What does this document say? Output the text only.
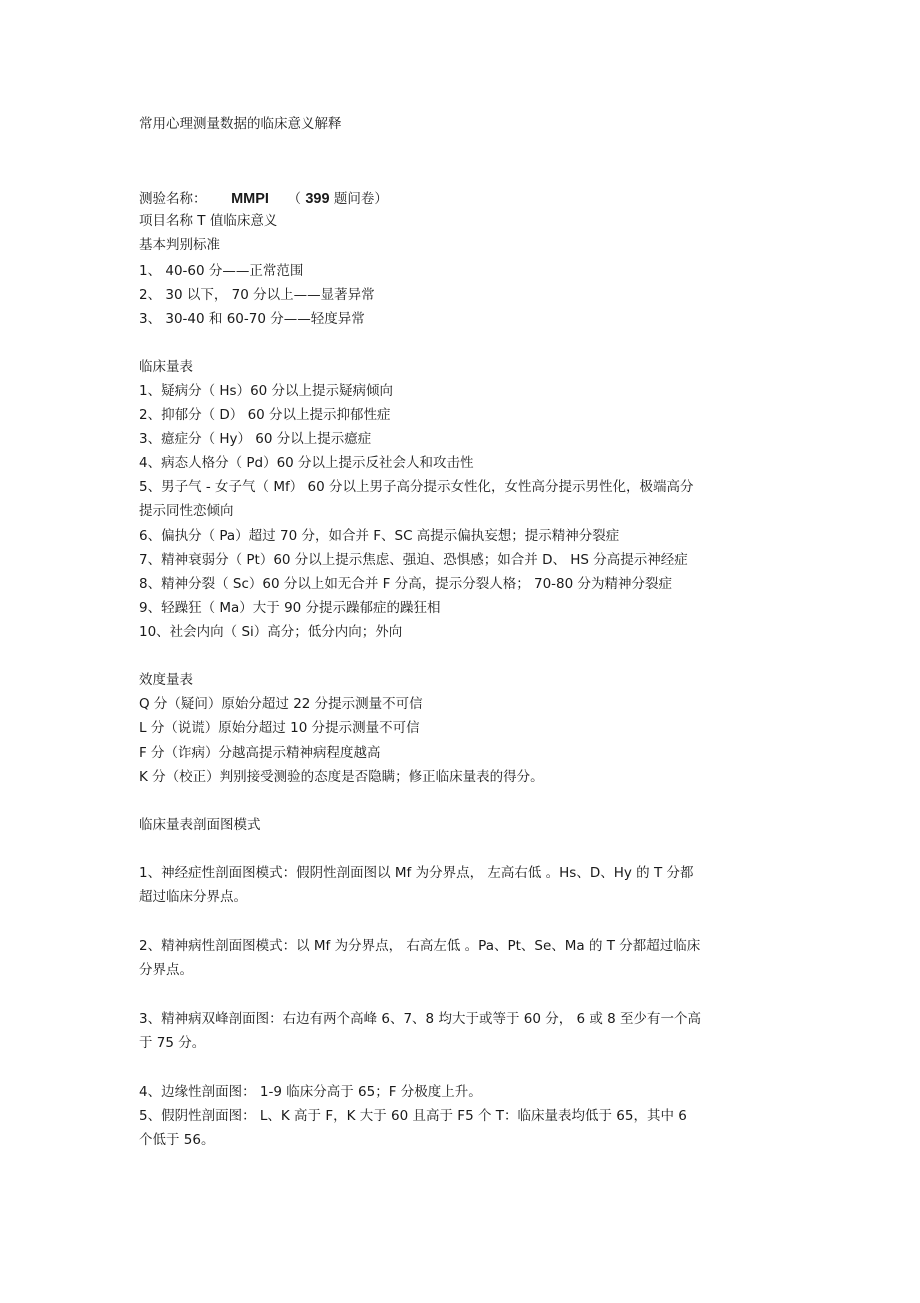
常用心理测量数据的临床意义解释

测验名称： MMPI （ 399 题问卷）

项目名称 T 值临床意义

基本判别标准

1、 40-60 分——正常范围

2、 30 以下， 70 分以上——显著异常

3、 30-40 和 60-70 分——轻度异常

临床量表

1、疑病分（ Hs）60 分以上提示疑病倾向

2、抑郁分（ D） 60 分以上提示抑郁性症

3、癔症分（ Hy） 60 分以上提示癔症

4、病态人格分（ Pd）60 分以上提示反社会人和攻击性

5、男子气 - 女子气（ Mf） 60 分以上男子高分提示女性化，女性高分提示男性化，极端高分

提示同性恋倾向

6、偏执分（ Pa）超过 70 分，如合并 F、SC 高提示偏执妄想；提示精神分裂症

7、精神衰弱分（ Pt）60 分以上提示焦虑、强迫、恐惧感；如合并 D、 HS 分高提示神经症

8、精神分裂（ Sc）60 分以上如无合并 F 分高，提示分裂人格； 70-80 分为精神分裂症

9、轻躁狂（ Ma）大于 90 分提示躁郁症的躁狂相

10、社会内向（ Si）高分；低分内向；外向

效度量表

Q 分（疑问）原始分超过 22 分提示测量不可信

L 分（说谎）原始分超过 10 分提示测量不可信

F 分（诈病）分越高提示精神病程度越高

K 分（校正）判别接受测验的态度是否隐瞒；修正临床量表的得分。

临床量表剖面图模式

1、神经症性剖面图模式：假阴性剖面图以 Mf 为分界点， 左高右低 。Hs、D、Hy 的 T 分都

超过临床分界点。

2、精神病性剖面图模式：以 Mf 为分界点， 右高左低 。Pa、Pt、Se、Ma 的 T 分都超过临床

分界点。

3、精神病双峰剖面图：右边有两个高峰 6、7、8 均大于或等于 60 分， 6 或 8 至少有一个高

于 75 分。

4、边缘性剖面图： 1-9 临床分高于 65；F 分极度上升。

5、假阴性剖面图： L、K 高于 F，K 大于 60 且高于 F5 个 T：临床量表均低于 65，其中 6

个低于 56。
